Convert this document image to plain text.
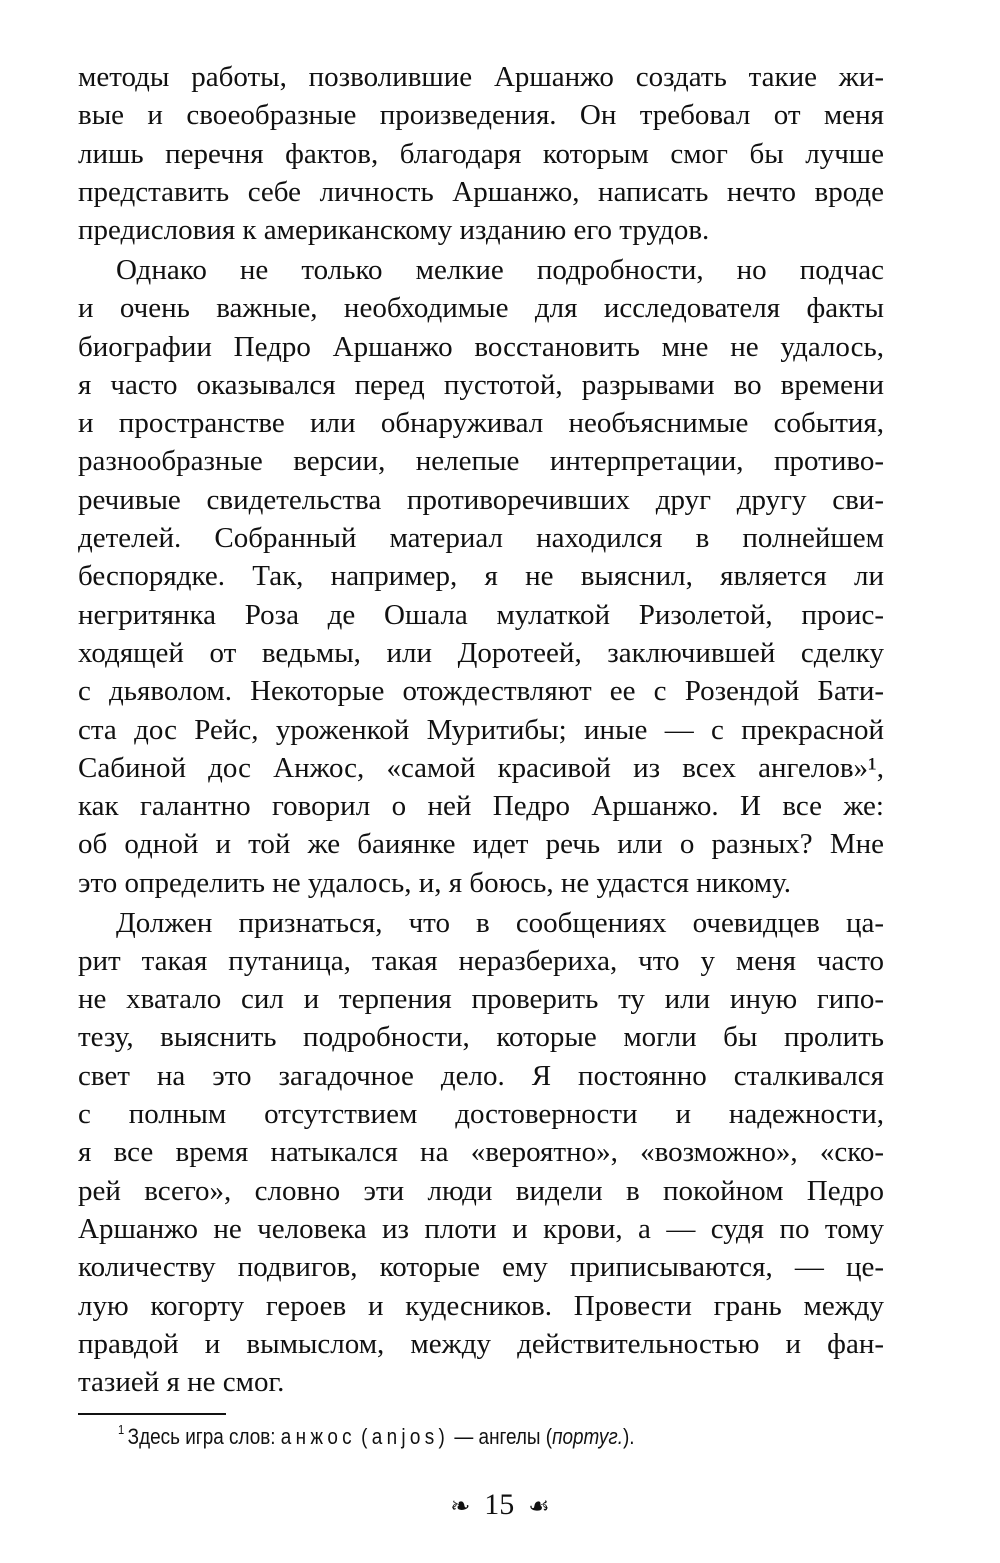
методы работы, позволившие Аршанжо создать такие жи-
вые и своеобразные произведения. Он требовал от меня
лишь перечня фактов, благодаря которым смог бы лучше
представить себе личность Аршанжо, написать нечто вроде
предисловия к американскому изданию его трудов.
Однако не только мелкие подробности, но подчас
и очень важные, необходимые для исследователя факты
биографии Педро Аршанжо восстановить мне не удалось,
я часто оказывался перед пустотой, разрывами во времени
и пространстве или обнаруживал необъяснимые события,
разнообразные версии, нелепые интерпретации, противо-
речивые свидетельства противоречивших друг другу сви-
детелей. Собранный материал находился в полнейшем
беспорядке. Так, например, я не выяснил, является ли
негритянка Роза де Ошала мулаткой Ризолетой, проис-
ходящей от ведьмы, или Доротеей, заключившей сделку
с дьяволом. Некоторые отождествляют ее с Розендой Бати-
ста дос Рейс, уроженкой Муритибы; иные — с прекрасной
Сабиной дос Анжос, «самой красивой из всех ангелов»¹,
как галантно говорил о ней Педро Аршанжо. И все же:
об одной и той же баиянке идет речь или о разных? Мне
это определить не удалось, и, я боюсь, не удастся никому.
Должен признаться, что в сообщениях очевидцев ца-
рит такая путаница, такая неразбериха, что у меня часто
не хватало сил и терпения проверить ту или иную гипо-
тезу, выяснить подробности, которые могли бы пролить
свет на это загадочное дело. Я постоянно сталкивался
с полным отсутствием достоверности и надежности,
я все время натыкался на «вероятно», «возможно», «ско-
рей всего», словно эти люди видели в покойном Педро
Аршанжо не человека из плоти и крови, а — судя по тому
количеству подвигов, которые ему приписываются, — це-
лую когорту героев и кудесников. Провести грань между
правдой и вымыслом, между действительностью и фан-
тазией я не смог.
$^1$ Здесь игра слов: анжос (anjos) — ангелы (португ.).
❧ 15 ☙
